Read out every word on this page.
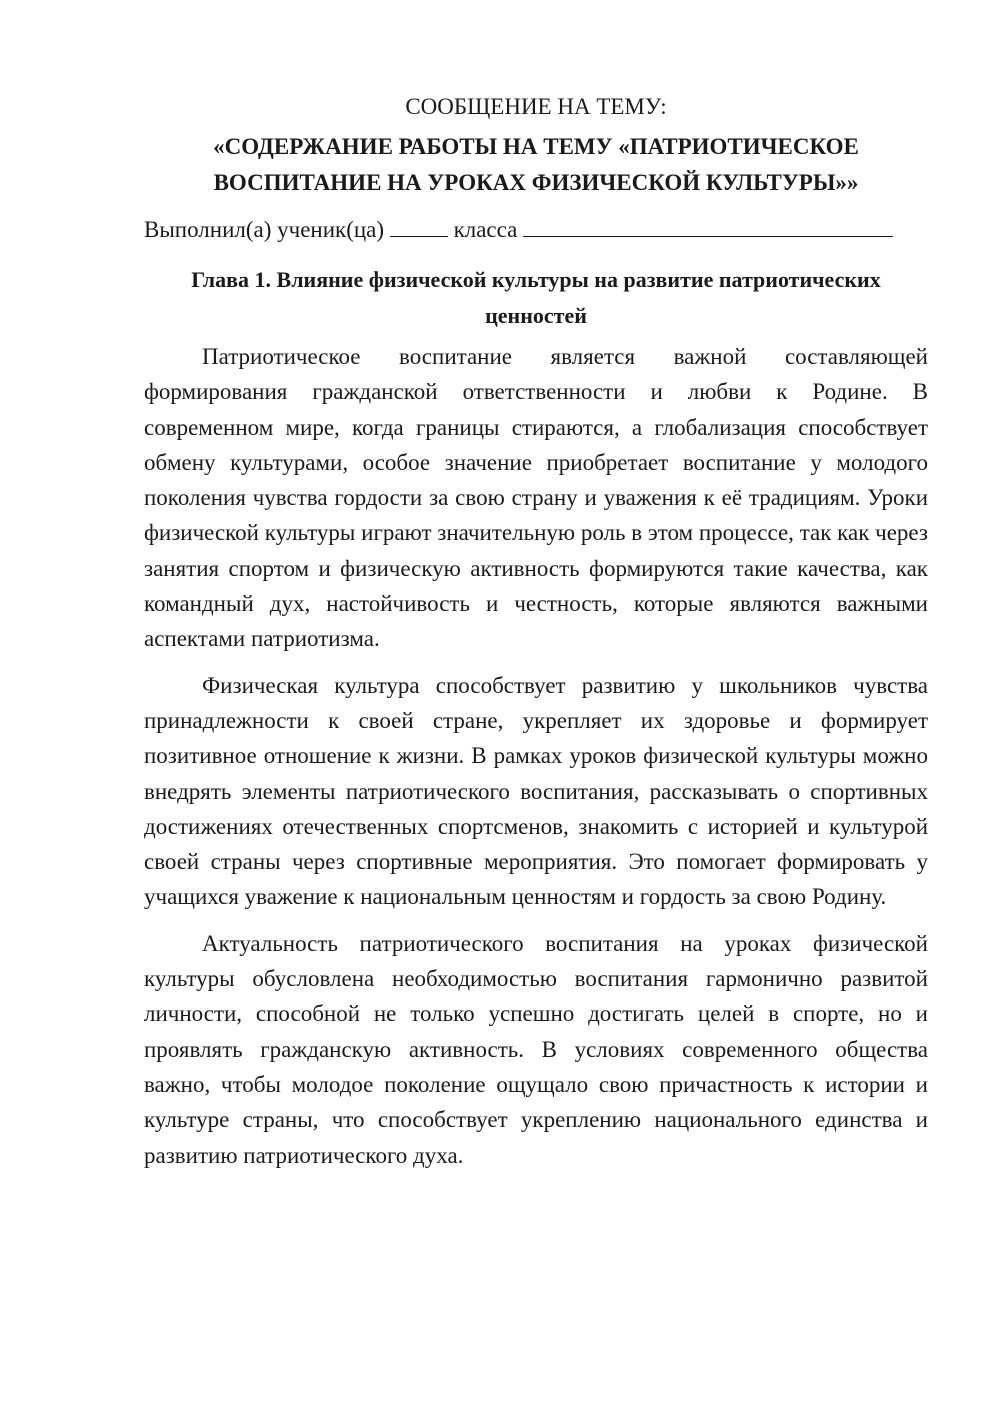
СООБЩЕНИЕ НА ТЕМУ:

«СОДЕРЖАНИЕ РАБОТЫ НА ТЕМУ «ПАТРИОТИЧЕСКОЕ ВОСПИТАНИЕ НА УРОКАХ ФИЗИЧЕСКОЙ КУЛЬТУРЫ»»

Выполнил(а) ученик(ца)	класса

Глава 1. Влияние физической культуры на развитие патриотических ценностей

Патриотическое воспитание является важной составляющей формирования гражданской ответственности и любви к Родине. В современном мире, когда границы стираются, а глобализация способствует обмену культурами, особое значение приобретает воспитание у молодого поколения чувства гордости за свою страну и уважения к её традициям. Уроки физической культуры играют значительную роль в этом процессе, так как через занятия спортом и физическую активность формируются такие качества, как командный дух, настойчивость и честность, которые являются важными аспектами патриотизма.

Физическая культура способствует развитию у школьников чувства принадлежности к своей стране, укрепляет их здоровье и формирует позитивное отношение к жизни. В рамках уроков физической культуры можно внедрять элементы патриотического воспитания, рассказывать о спортивных достижениях отечественных спортсменов, знакомить с историей и культурой своей страны через спортивные мероприятия. Это помогает формировать у учащихся уважение к национальным ценностям и гордость за свою Родину.

Актуальность патриотического воспитания на уроках физической культуры обусловлена необходимостью воспитания гармонично развитой личности, способной не только успешно достигать целей в спорте, но и проявлять гражданскую активность. В условиях современного общества важно, чтобы молодое поколение ощущало свою причастность к истории и культуре страны, что способствует укреплению национального единства и развитию патриотического духа.
